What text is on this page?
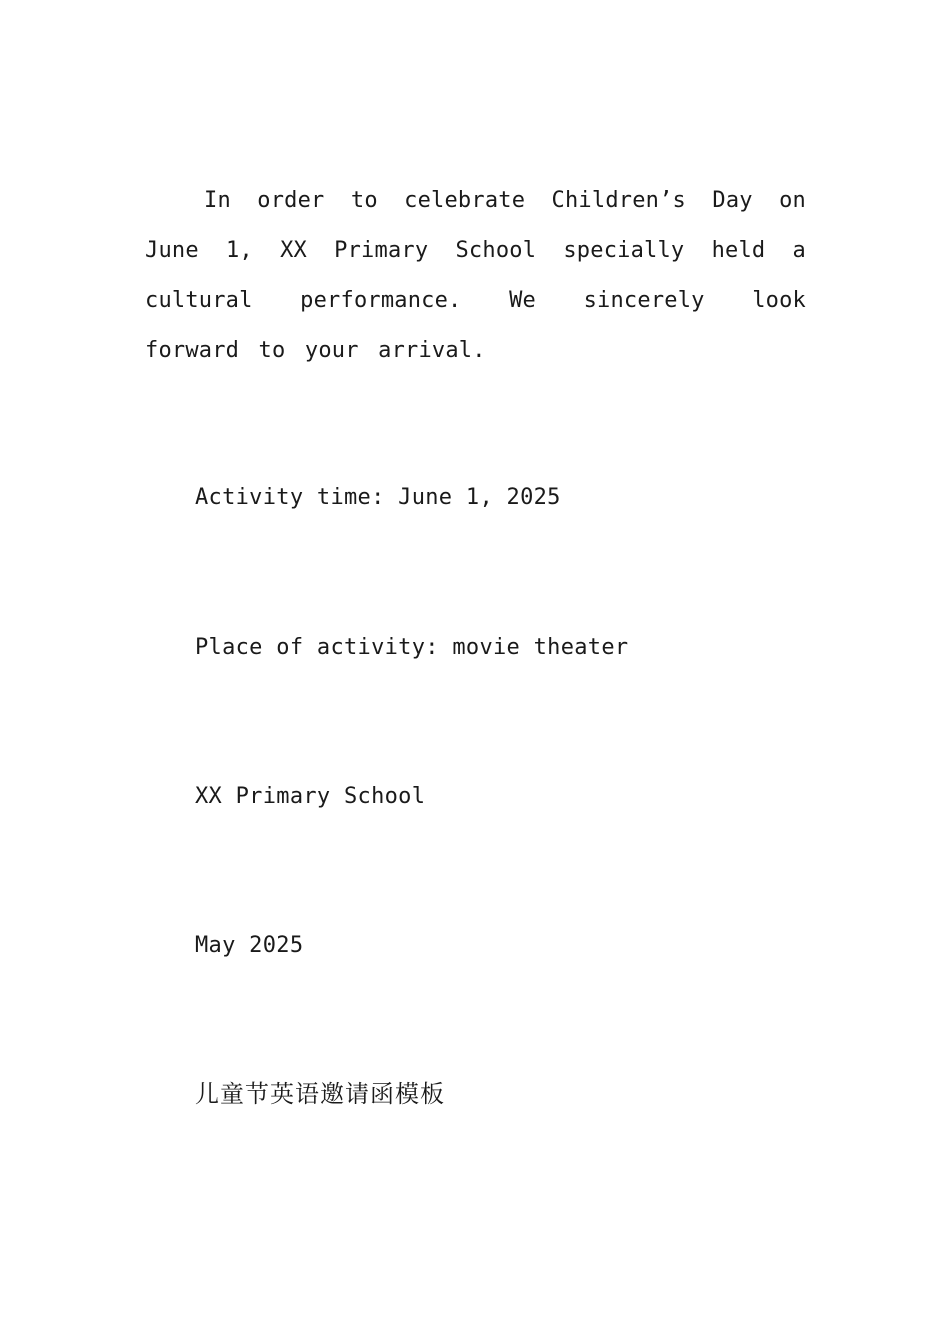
In order to celebrate Children’s Day on June 1, XX Primary School specially held a cultural performance. We sincerely look forward to your arrival.

Activity time: June 1, 2025
Place of activity: movie theater
XX Primary School
May 2025
儿童节英语邀请函模板
